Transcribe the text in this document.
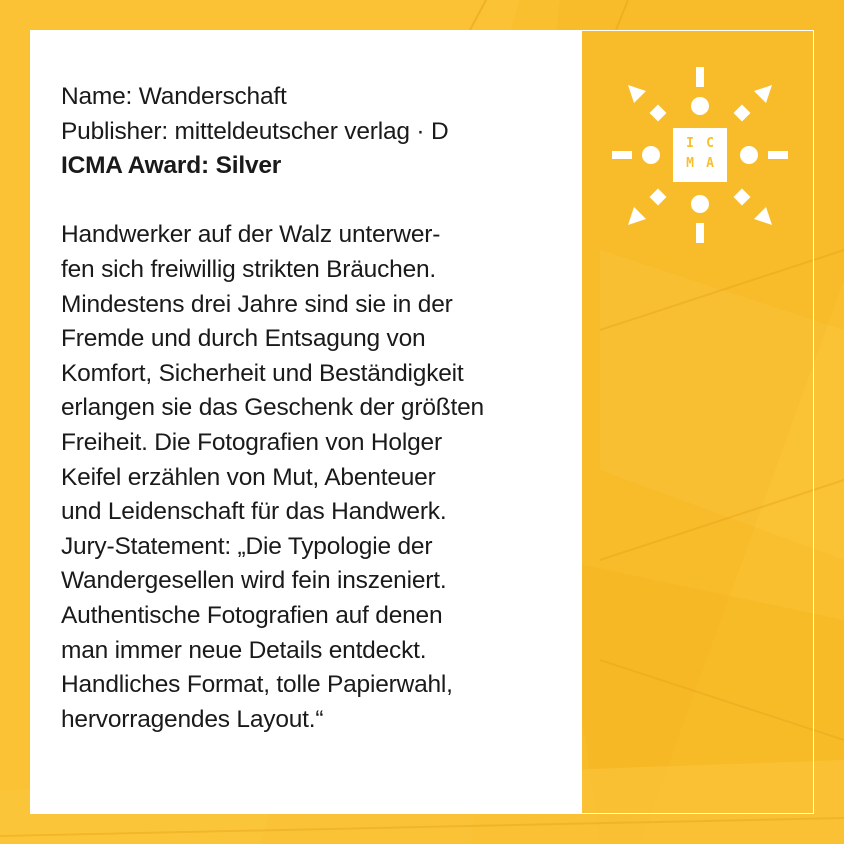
Name: Wanderschaft
Publisher: mitteldeutscher verlag · D
ICMA Award: Silver
Handwerker auf der Walz unterwer-
fen sich freiwillig strikten Bräuchen.
Mindestens drei Jahre sind sie in der
Fremde und durch Entsagung von
Komfort, Sicherheit und Beständigkeit
erlangen sie das Geschenk der größten
Freiheit. Die Fotografien von Holger
Keifel erzählen von Mut, Abenteuer
und Leidenschaft für das Handwerk.
Jury-Statement: „Die Typologie der
Wandergesellen wird fein inszeniert.
Authentische Fotografien auf denen
man immer neue Details entdeckt.
Handliches Format, tolle Papierwahl,
hervorragendes Layout.“
I C
M A
